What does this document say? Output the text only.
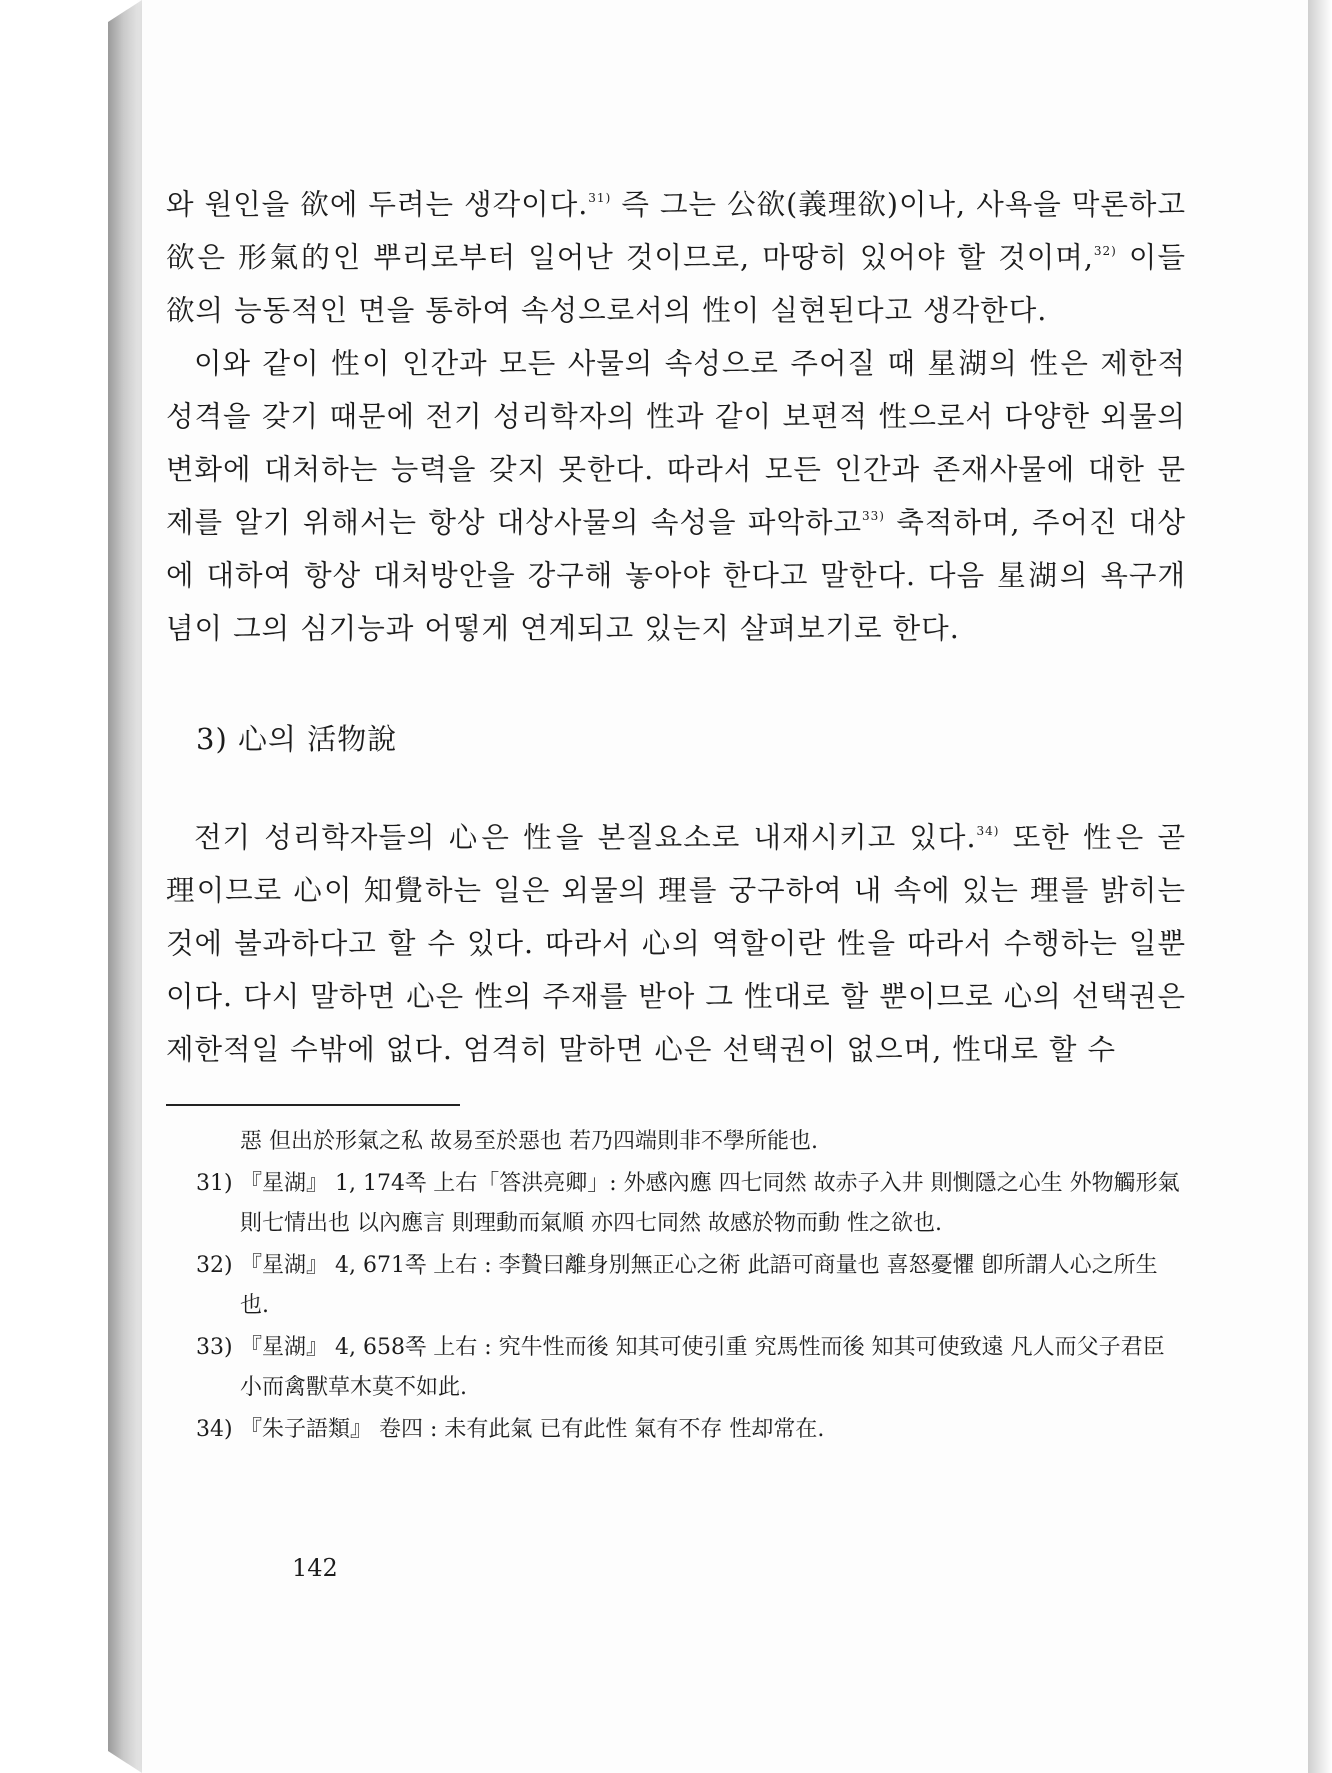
와 원인을 欲에 두려는 생각이다.$^{31)}$ 즉 그는 公欲(義理欲)이나, 사욕을 막론하고 欲은 形氣的인 뿌리로부터 일어난 것이므로, 마땅히 있어야 할 것이며,$^{32)}$ 이들 欲의 능동적인 면을 통하여 속성으로서의 性이 실현된다고 생각한다.

이와 같이 性이 인간과 모든 사물의 속성으로 주어질 때 星湖의 性은 제한적 성격을 갖기 때문에 전기 성리학자의 性과 같이 보편적 性으로서 다양한 외물의 변화에 대처하는 능력을 갖지 못한다. 따라서 모든 인간과 존재사물에 대한 문제를 알기 위해서는 항상 대상사물의 속성을 파악하고$^{33)}$ 축적하며, 주어진 대상에 대하여 항상 대처방안을 강구해 놓아야 한다고 말한다. 다음 星湖의 욕구개념이 그의 심기능과 어떻게 연계되고 있는지 살펴보기로 한다.

3) 心의 活物說

전기 성리학자들의 心은 性을 본질요소로 내재시키고 있다.$^{34)}$ 또한 性은 곧 理이므로 心이 知覺하는 일은 외물의 理를 궁구하여 내 속에 있는 理를 밝히는 것에 불과하다고 할 수 있다. 따라서 心의 역할이란 性을 따라서 수행하는 일뿐이다. 다시 말하면 心은 性의 주재를 받아 그 性대로 할 뿐이므로 心의 선택권은 제한적일 수밖에 없다. 엄격히 말하면 心은 선택권이 없으며, 性대로 할 수

惡 但出於形氣之私 故易至於惡也 若乃四端則非不學所能也.
31) 『星湖』 1, 174쪽 上右「答洪亮卿」: 外感內應 四七同然 故赤子入井 則惻隱之心生 外物觸形氣 則七情出也 以內應言 則理動而氣順 亦四七同然 故感於物而動 性之欲也.
32) 『星湖』 4, 671쪽 上右 : 李贄曰離身別無正心之術 此語可商量也 喜怒憂懼 卽所謂人心之所生也.
33) 『星湖』 4, 658쪽 上右 : 究牛性而後 知其可使引重 究馬性而後 知其可使致遠 凡人而父子君臣 小而禽獸草木莫不如此.
34) 『朱子語類』 卷四 : 未有此氣 已有此性 氣有不存 性却常在.
142
